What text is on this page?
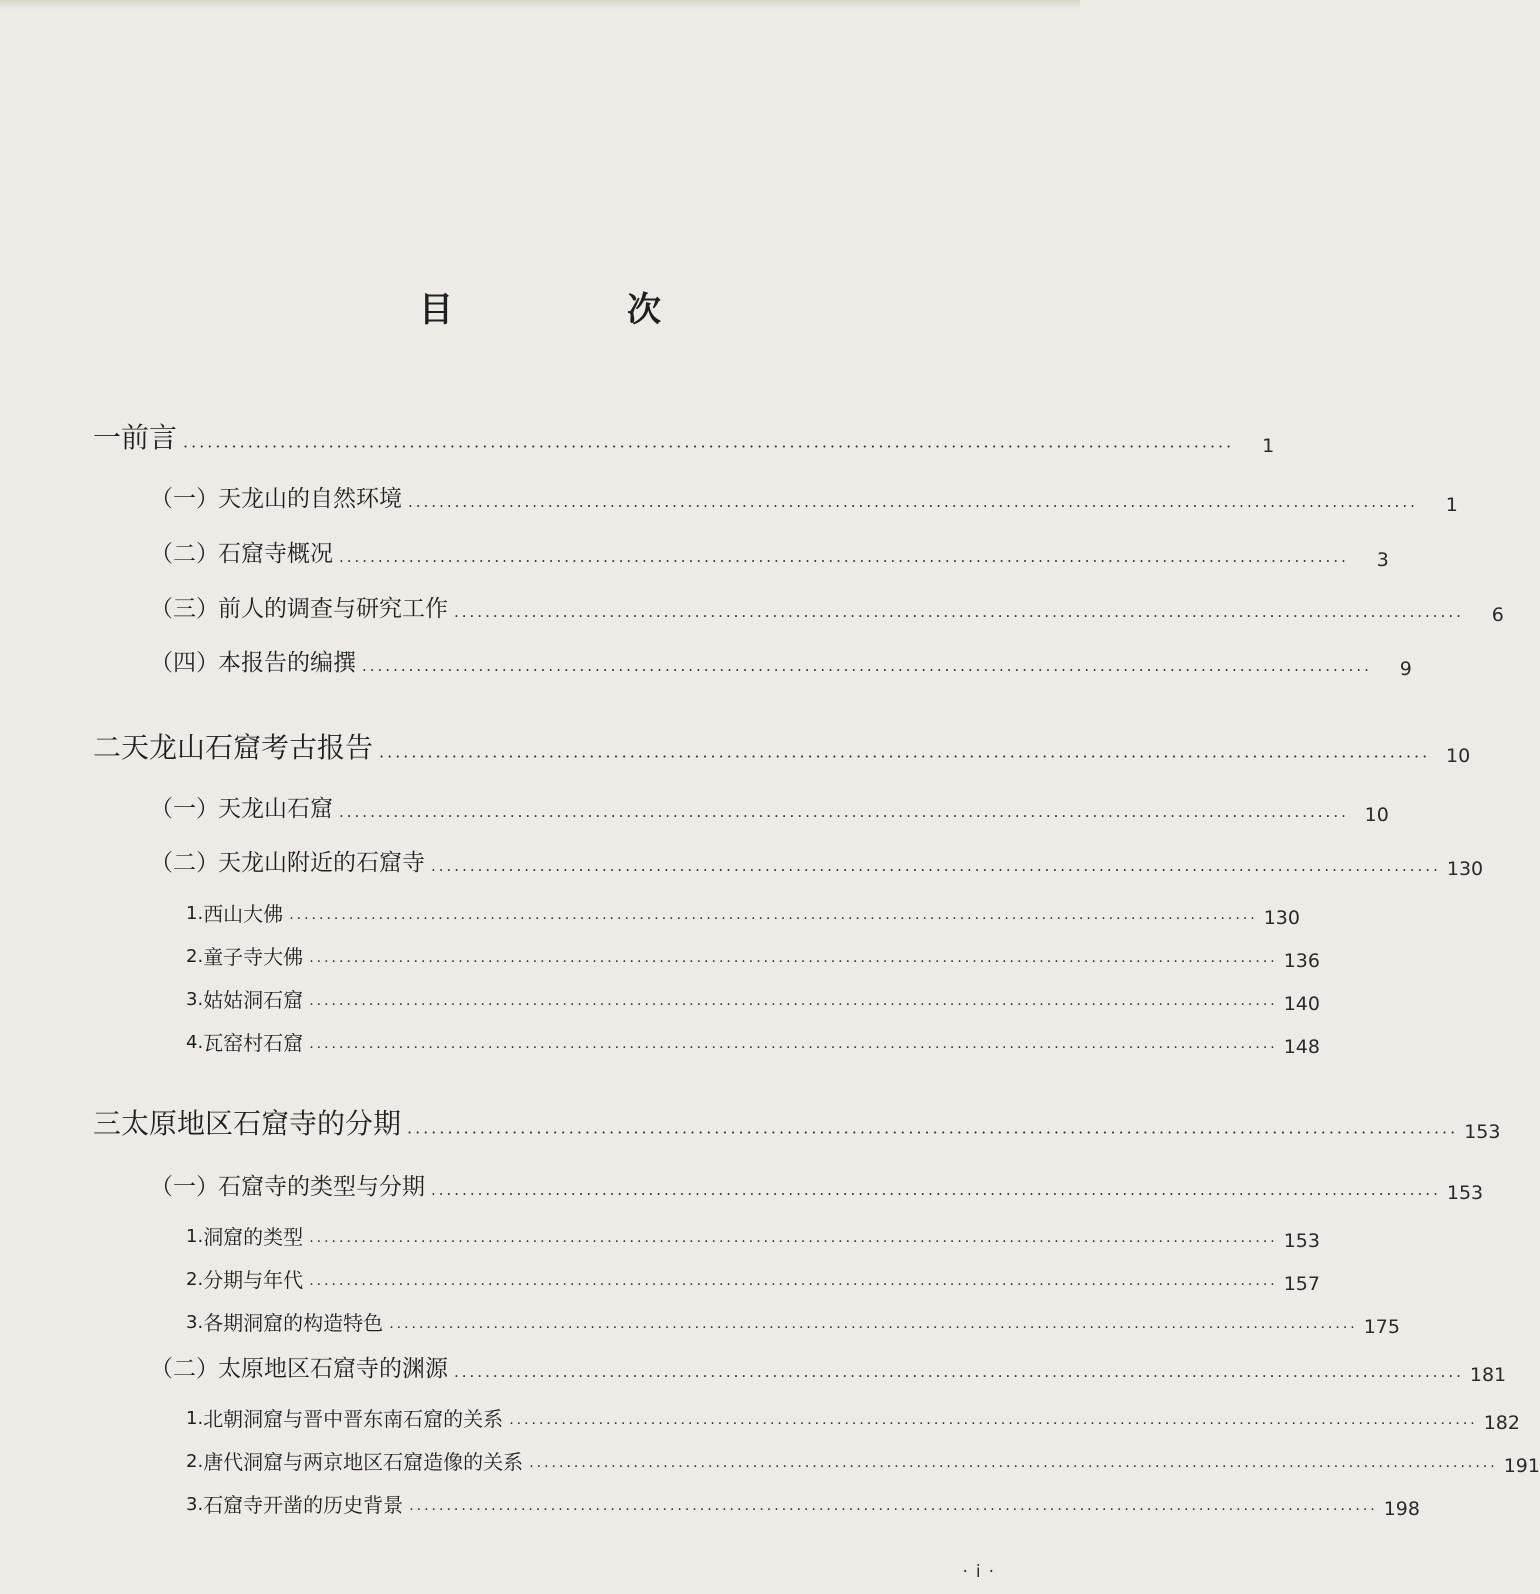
目　次
一 前言 ··································································································································	1
（一） 天龙山的自然环境 ··································································································································	1
（二） 石窟寺概况 ··································································································································	3
（三） 前人的调查与研究工作 ··································································································································	6
（四） 本报告的编撰 ··································································································································	9
二 天龙山石窟考古报告 ·································································································································· 10
（一） 天龙山石窟 ·································································································································· 10
（二） 天龙山附近的石窟寺 ·································································································································· 130
1. 西山大佛 ·································································································································· 130
2. 童子寺大佛 ·································································································································· 136
3. 姑姑洞石窟 ·································································································································· 140
4. 瓦窑村石窟 ·································································································································· 148
三 太原地区石窟寺的分期 ·································································································································· 153
（一） 石窟寺的类型与分期 ·································································································································· 153
1. 洞窟的类型 ·································································································································· 153
2. 分期与年代 ·································································································································· 157
3. 各期洞窟的构造特色 ·································································································································· 175
（二） 太原地区石窟寺的渊源 ·································································································································· 181
1. 北朝洞窟与晋中晋东南石窟的关系 ·································································································································· 182
2. 唐代洞窟与两京地区石窟造像的关系 ·································································································································· 191
3. 石窟寺开凿的历史背景 ·································································································································· 198
·i·
